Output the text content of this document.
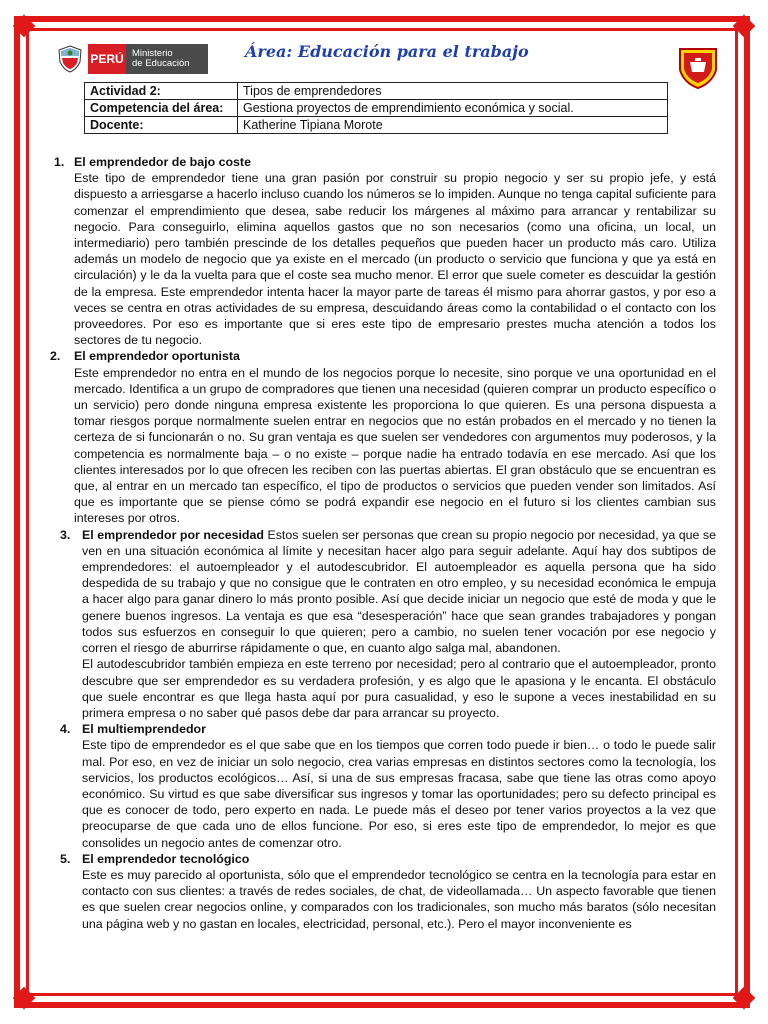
PERÚ Ministerio
de Educación
Área: Educación para el trabajo
Actividad 2:	Tipos de emprendedores
Competencia del área:	Gestiona proyectos de emprendimiento económica y social.
Docente:	Katherine Tipiana Morote
1. El emprendedor de bajo coste

Este tipo de emprendedor tiene una gran pasión por construir su propio negocio y ser su propio jefe, y está dispuesto a arriesgarse a hacerlo incluso cuando los números se lo impiden. Aunque no tenga capital suficiente para comenzar el emprendimiento que desea, sabe reducir los márgenes al máximo para arrancar y rentabilizar su negocio. Para conseguirlo, elimina aquellos gastos que no son necesarios (como una oficina, un local, un intermediario) pero también prescinde de los detalles pequeños que pueden hacer un producto más caro. Utiliza además un modelo de negocio que ya existe en el mercado (un producto o servicio que funciona y que ya está en circulación) y le da la vuelta para que el coste sea mucho menor. El error que suele cometer es descuidar la gestión de la empresa. Este emprendedor intenta hacer la mayor parte de tareas él mismo para ahorrar gastos, y por eso a veces se centra en otras actividades de su empresa, descuidando áreas como la contabilidad o el contacto con los proveedores. Por eso es importante que si eres este tipo de empresario prestes mucha atención a todos los sectores de tu negocio.

2. El emprendedor oportunista

Este emprendedor no entra en el mundo de los negocios porque lo necesite, sino porque ve una oportunidad en el mercado. Identifica a un grupo de compradores que tienen una necesidad (quieren comprar un producto específico o un servicio) pero donde ninguna empresa existente les proporciona lo que quieren. Es una persona dispuesta a tomar riesgos porque normalmente suelen entrar en negocios que no están probados en el mercado y no tienen la certeza de si funcionarán o no. Su gran ventaja es que suelen ser vendedores con argumentos muy poderosos, y la competencia es normalmente baja – o no existe – porque nadie ha entrado todavía en ese mercado. Así que los clientes interesados por lo que ofrecen les reciben con las puertas abiertas. El gran obstáculo que se encuentran es que, al entrar en un mercado tan específico, el tipo de productos o servicios que pueden vender son limitados. Así que es importante que se piense cómo se podrá expandir ese negocio en el futuro si los clientes cambian sus intereses por otros.

3. El emprendedor por necesidad Estos suelen ser personas que crean su propio negocio por necesidad, ya que se ven en una situación económica al límite y necesitan hacer algo para seguir adelante. Aquí hay dos subtipos de emprendedores: el autoempleador y el autodescubridor. El autoempleador es aquella persona que ha sido despedida de su trabajo y que no consigue que le contraten en otro empleo, y su necesidad económica le empuja a hacer algo para ganar dinero lo más pronto posible. Así que decide iniciar un negocio que esté de moda y que le genere buenos ingresos. La ventaja es que esa “desesperación” hace que sean grandes trabajadores y pongan todos sus esfuerzos en conseguir lo que quieren; pero a cambio, no suelen tener vocación por ese negocio y corren el riesgo de aburrirse rápidamente o que, en cuanto algo salga mal, abandonen.

El autodescubridor también empieza en este terreno por necesidad; pero al contrario que el autoempleador, pronto descubre que ser emprendedor es su verdadera profesión, y es algo que le apasiona y le encanta. El obstáculo que suele encontrar es que llega hasta aquí por pura casualidad, y eso le supone a veces inestabilidad en su primera empresa o no saber qué pasos debe dar para arrancar su proyecto.

4. El multiemprendedor

Este tipo de emprendedor es el que sabe que en los tiempos que corren todo puede ir bien… o todo le puede salir mal. Por eso, en vez de iniciar un solo negocio, crea varias empresas en distintos sectores como la tecnología, los servicios, los productos ecológicos… Así, si una de sus empresas fracasa, sabe que tiene las otras como apoyo económico. Su virtud es que sabe diversificar sus ingresos y tomar las oportunidades; pero su defecto principal es que es conocer de todo, pero experto en nada. Le puede más el deseo por tener varios proyectos a la vez que preocuparse de que cada uno de ellos funcione. Por eso, si eres este tipo de emprendedor, lo mejor es que consolides un negocio antes de comenzar otro.

5. El emprendedor tecnológico

Este es muy parecido al oportunista, sólo que el emprendedor tecnológico se centra en la tecnología para estar en contacto con sus clientes: a través de redes sociales, de chat, de videollamada… Un aspecto favorable que tienen es que suelen crear negocios online, y comparados con los tradicionales, son mucho más baratos (sólo necesitan una página web y no gastan en locales, electricidad, personal, etc.). Pero el mayor inconveniente es
